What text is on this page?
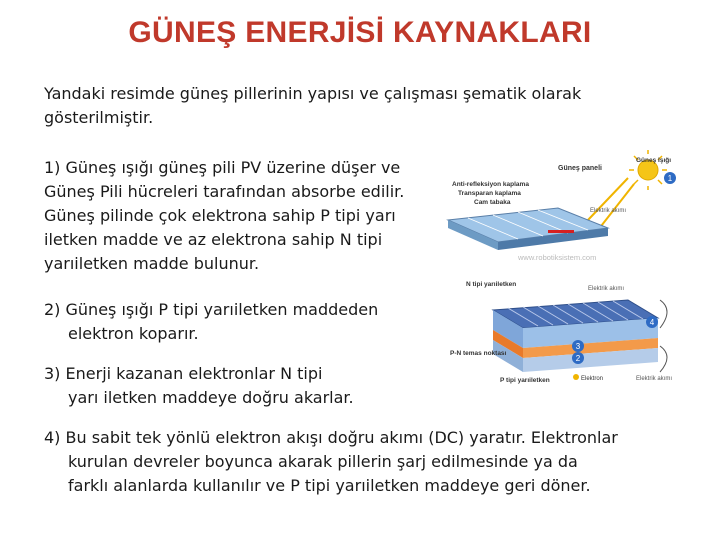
GÜNEŞ ENERJİSİ KAYNAKLARI
Yandaki resimde güneş pillerinin yapısı ve çalışması şematik olarak
gösterilmiştir.
1) Güneş ışığı güneş pili PV üzerine düşer ve
Güneş Pili hücreleri tarafından absorbe edilir.
Güneş pilinde çok elektrona sahip P tipi yarı
iletken madde ve az elektrona sahip N tipi
yarıiletken madde bulunur.
2) Güneş ışığı P tipi yarıiletken maddeden
elektron koparır.
3) Enerji kazanan elektronlar N tipi
yarı iletken maddeye doğru akarlar.
4) Bu sabit tek yönlü elektron akışı doğru akımı (DC) yaratır. Elektronlar
kurulan devreler boyunca akarak pillerin şarj edilmesinde ya da
farklı alanlarda kullanılır ve P tipi yarıiletken maddeye geri döner.
Güneş paneli
Güneş Işığı
Anti-refleksiyon kaplama
Transparan kaplama
Cam tabaka
Elektrik akımı
www.robotiksistem.com
N tipi yarıiletken
Elektrik akımı
1
4
3
2
P-N temas noktası
P tipi yarıiletken	Elektron	Elektrik akımı
